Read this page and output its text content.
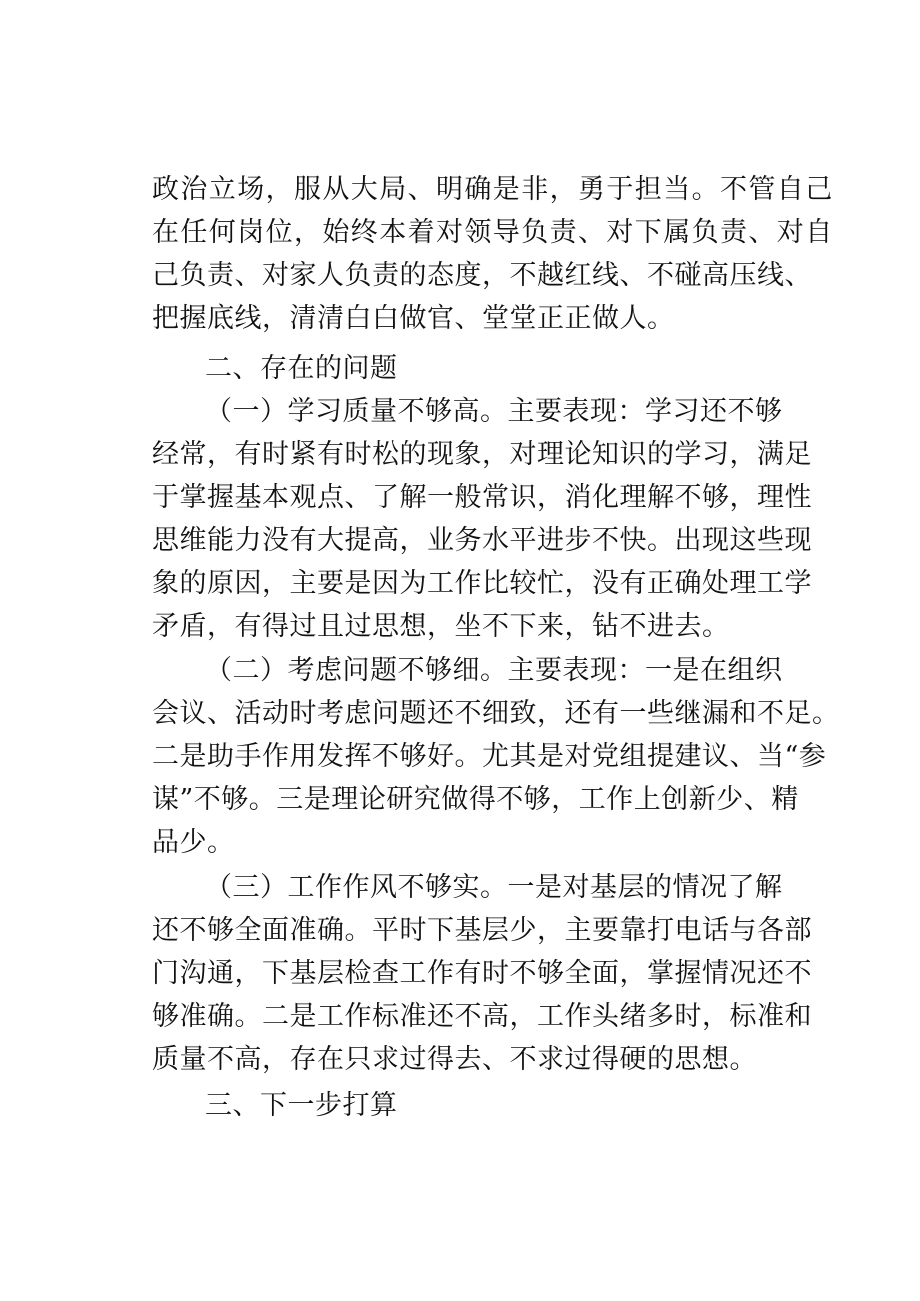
政治立场，服从大局、明确是非，勇于担当。不管自己
在任何岗位，始终本着对领导负责、对下属负责、对自
己负责、对家人负责的态度，不越红线、不碰高压线、
把握底线，清清白白做官、堂堂正正做人。
二、存在的问题
（一）学习质量不够高。主要表现：学习还不够
经常，有时紧有时松的现象，对理论知识的学习，满足
于掌握基本观点、了解一般常识，消化理解不够，理性
思维能力没有大提高，业务水平进步不快。出现这些现
象的原因，主要是因为工作比较忙，没有正确处理工学
矛盾，有得过且过思想，坐不下来，钻不进去。
（二）考虑问题不够细。主要表现：一是在组织
会议、活动时考虑问题还不细致，还有一些继漏和不足。
二是助手作用发挥不够好。尤其是对党组提建议、当“参
谋”不够。三是理论研究做得不够，工作上创新少、精
品少。
（三）工作作风不够实。一是对基层的情况了解
还不够全面准确。平时下基层少，主要靠打电话与各部
门沟通，下基层检查工作有时不够全面，掌握情况还不
够准确。二是工作标准还不高，工作头绪多时，标准和
质量不高，存在只求过得去、不求过得硬的思想。
三、下一步打算
